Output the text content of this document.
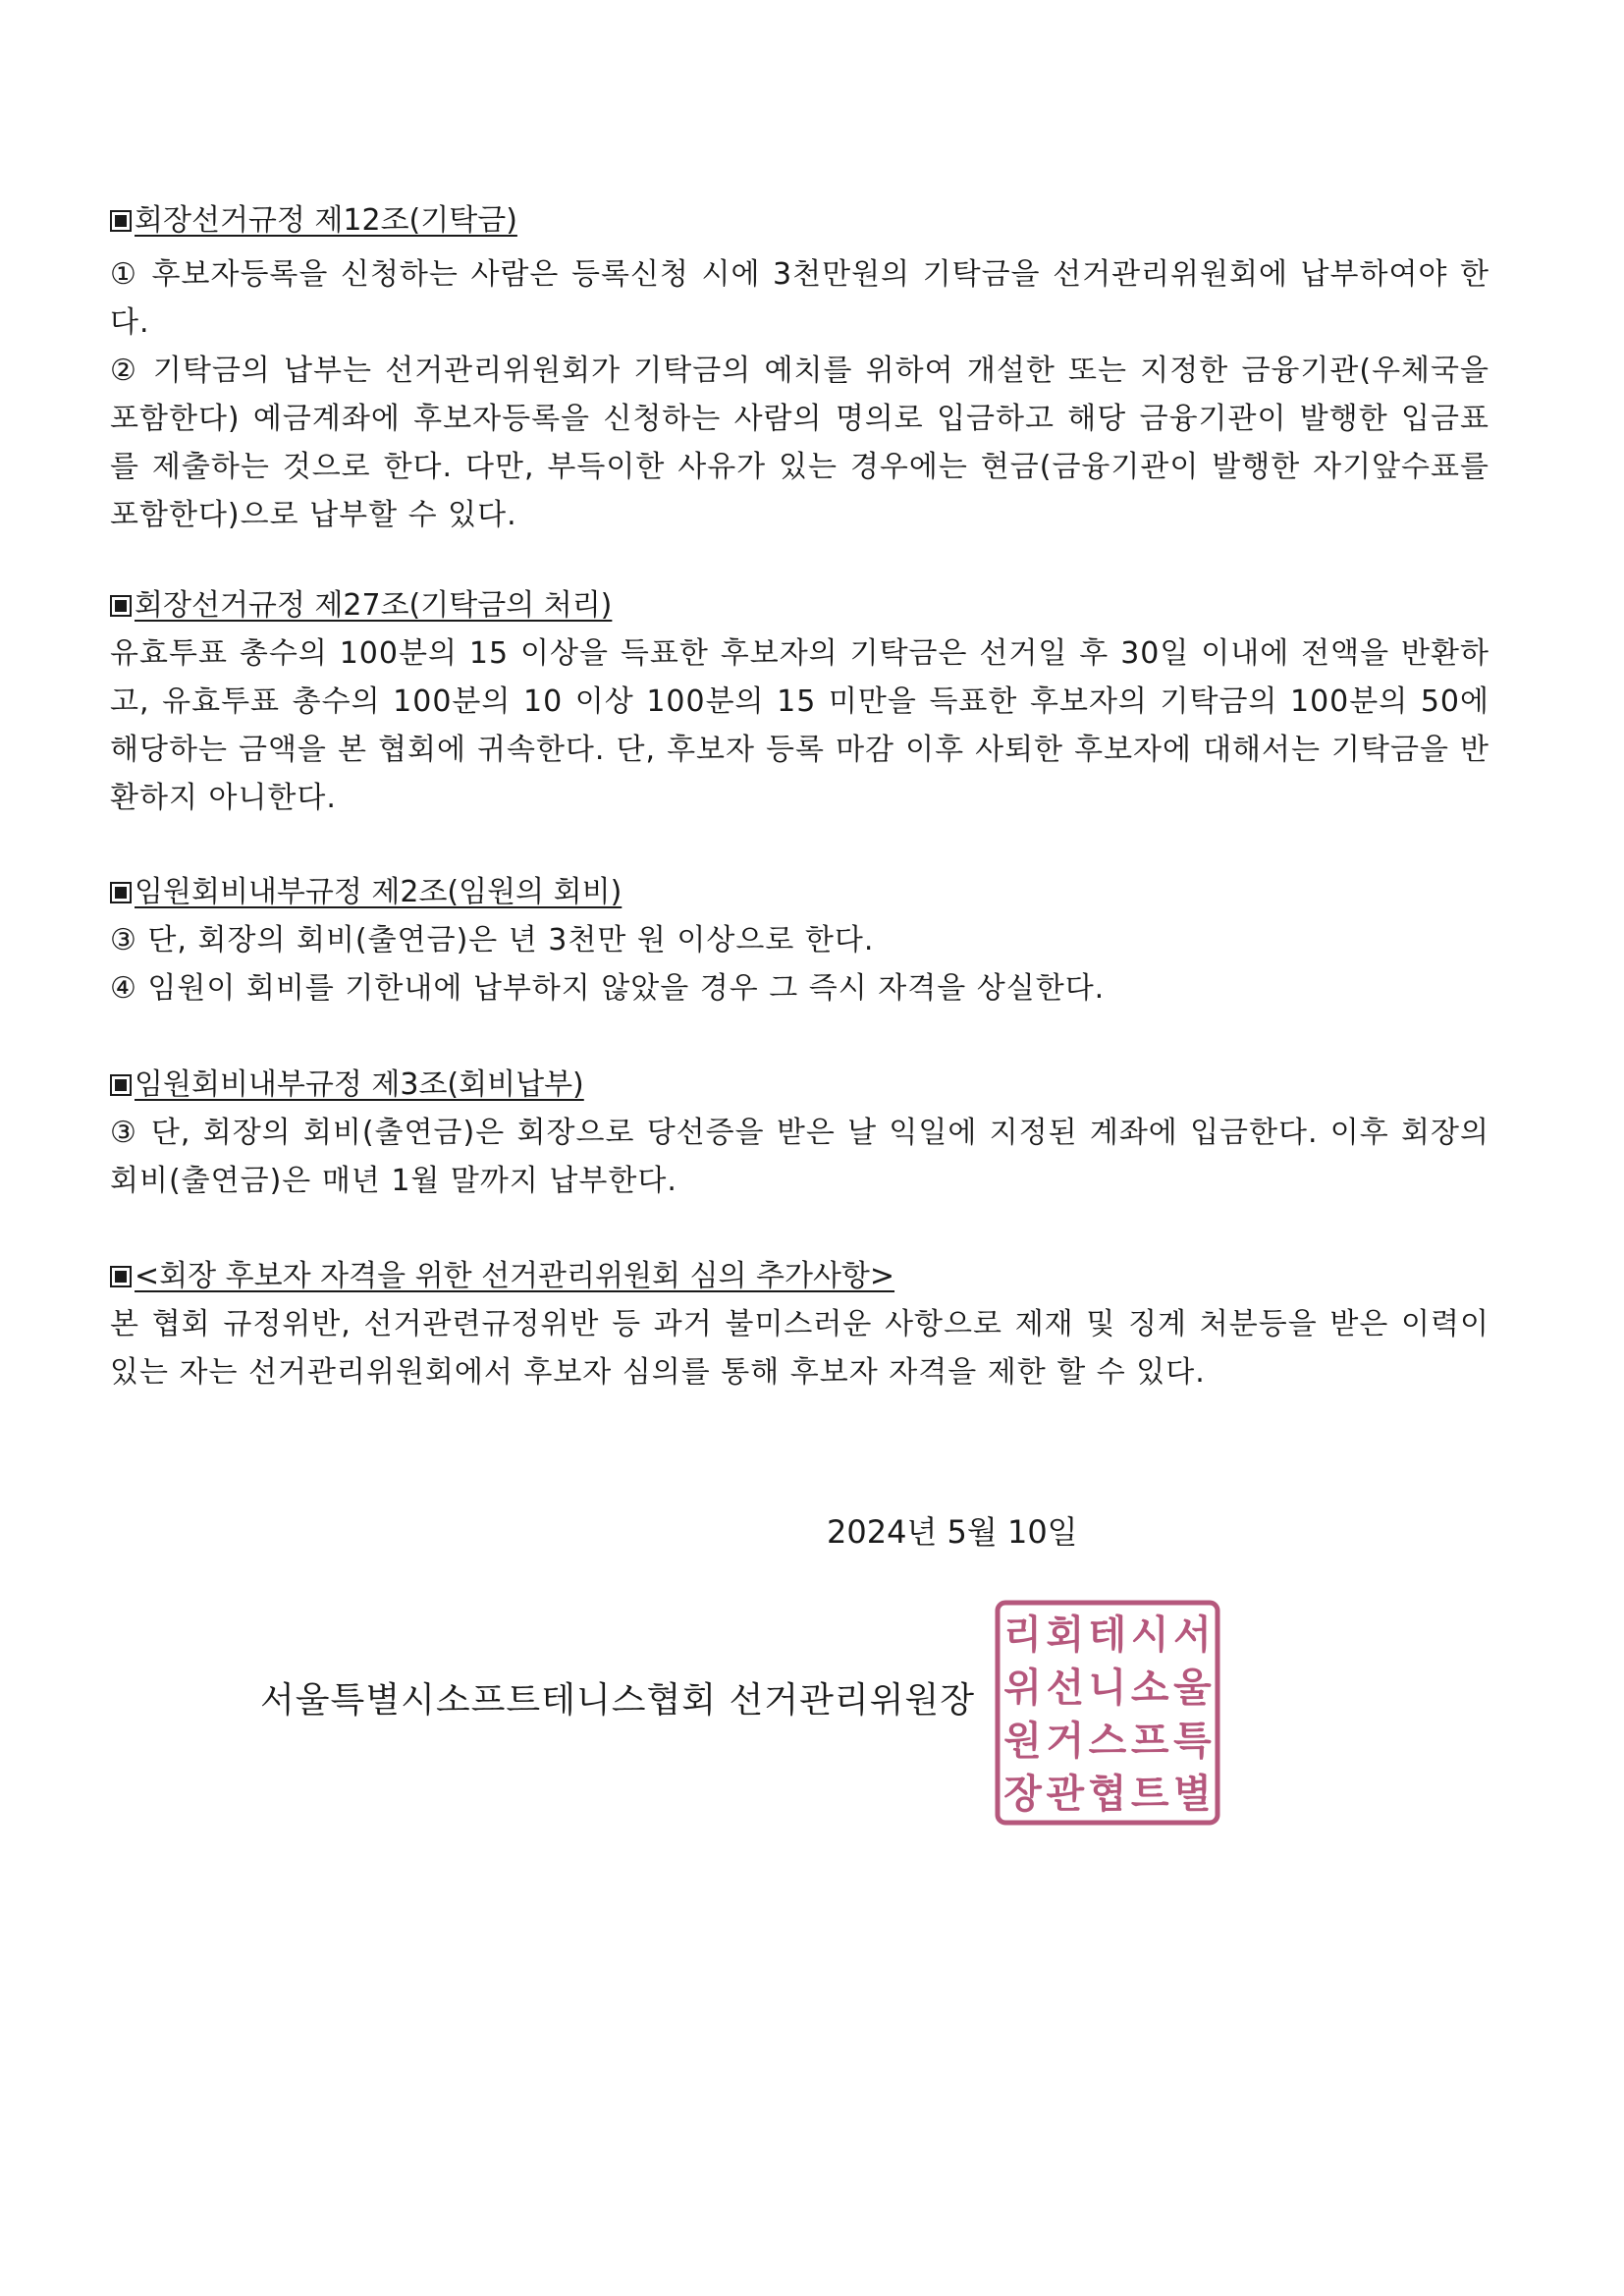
회장선거규정 제12조(기탁금)

① 후보자등록을 신청하는 사람은 등록신청 시에 3천만원의 기탁금을 선거관리위원회에 납부하여야 한다.

② 기탁금의 납부는 선거관리위원회가 기탁금의 예치를 위하여 개설한 또는 지정한 금융기관(우체국을 포함한다) 예금계좌에 후보자등록을 신청하는 사람의 명의로 입금하고 해당 금융기관이 발행한 입금표를 제출하는 것으로 한다. 다만, 부득이한 사유가 있는 경우에는 현금(금융기관이 발행한 자기앞수표를 포함한다)으로 납부할 수 있다.

회장선거규정 제27조(기탁금의 처리)

유효투표 총수의 100분의 15 이상을 득표한 후보자의 기탁금은 선거일 후 30일 이내에 전액을 반환하고, 유효투표 총수의 100분의 10 이상 100분의 15 미만을 득표한 후보자의 기탁금의 100분의 50에 해당하는 금액을 본 협회에 귀속한다. 단, 후보자 등록 마감 이후 사퇴한 후보자에 대해서는 기탁금을 반환하지 아니한다.

임원회비내부규정 제2조(임원의 회비)

③ 단, 회장의 회비(출연금)은 년 3천만 원 이상으로 한다.

④ 임원이 회비를 기한내에 납부하지 않았을 경우 그 즉시 자격을 상실한다.

임원회비내부규정 제3조(회비납부)

③ 단, 회장의 회비(출연금)은 회장으로 당선증을 받은 날 익일에 지정된 계좌에 입금한다. 이후 회장의 회비(출연금)은 매년 1월 말까지 납부한다.

<회장 후보자 자격을 위한 선거관리위원회 심의 추가사항>

본 협회 규정위반, 선거관련규정위반 등 과거 불미스러운 사항으로 제재 및 징계 처분등을 받은 이력이 있는 자는 선거관리위원회에서 후보자 심의를 통해 후보자 자격을 제한 할 수 있다.

2024년 5월 10일
서울특별시소프트테니스협회 선거관리위원장
서
울
특
별
시
소
프
트
테
니
스
협
회
선
거
관
리
위
원
장
